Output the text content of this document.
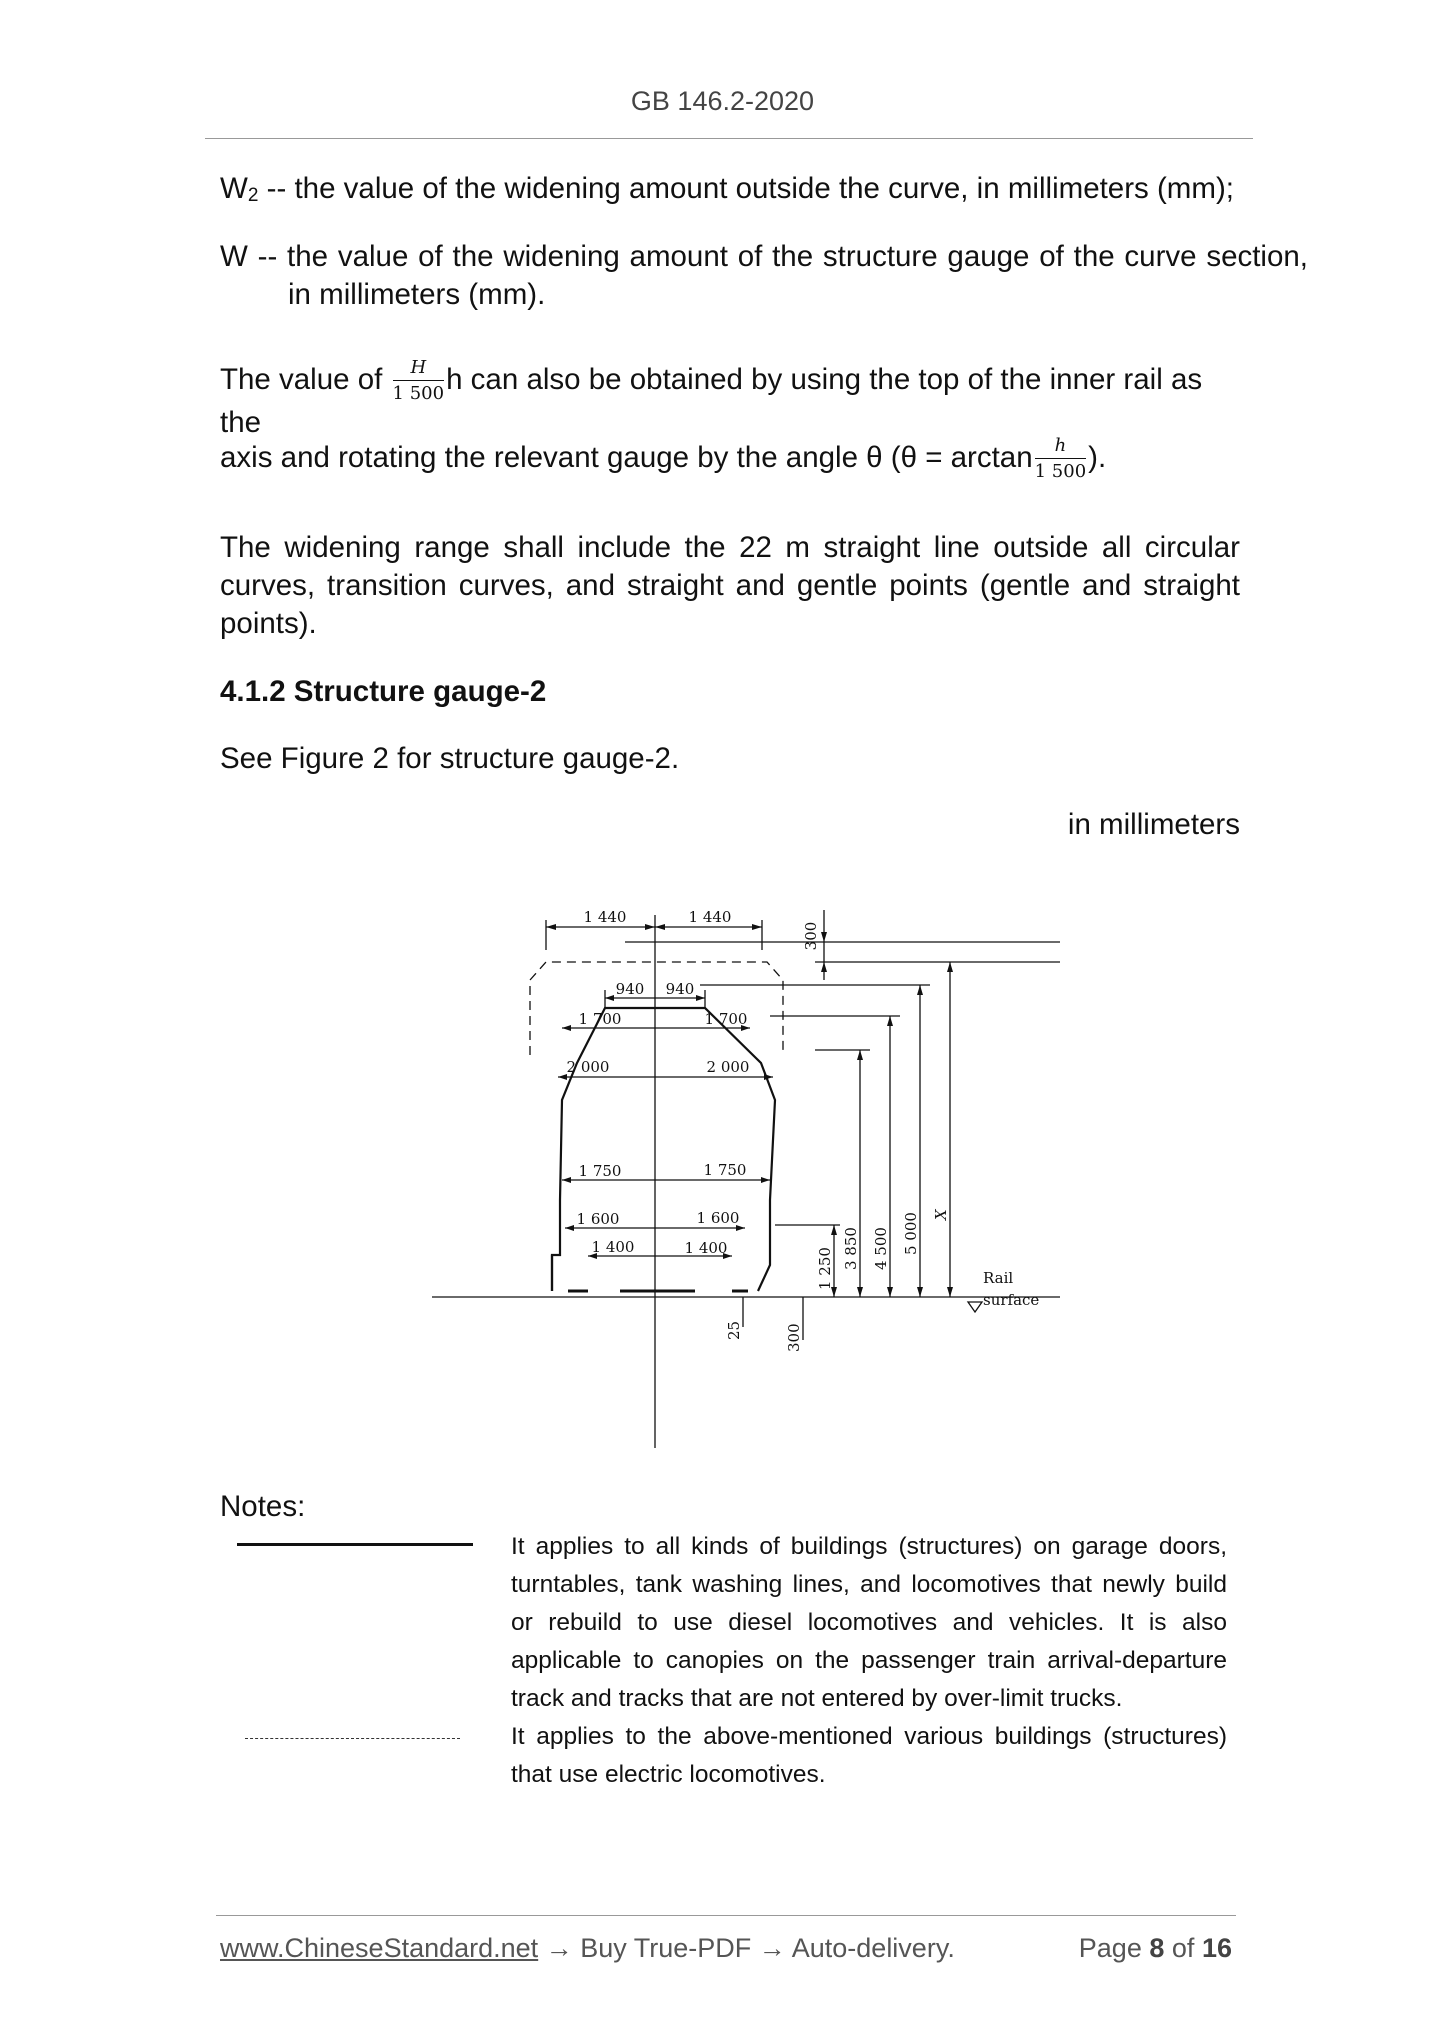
GB 146.2-2020
$W_2$ -- the value of the widening amount outside the curve, in millimeters (mm);
W -- the value of the widening amount of the structure gauge of the curve section, in millimeters (mm).
The value of $\frac{H}{1 500}$ h can also be obtained by using the top of the inner rail as the
axis and rotating the relevant gauge by the angle θ ($\theta = \arctan \frac{h}{1 500}$ ).
The widening range shall include the 22 m straight line outside all circular curves, transition curves, and straight and gentle points (gentle and straight points).
4.1.2 Structure gauge-2
See Figure 2 for structure gauge-2.
in millimeters
1 440	1 440
300
940 940
1 700	1 700
2 000	2 000
1 750	1 750
1 600	1 600
1 400	1 400	3 850 4 500 5 000 X
1 250
25	300
Rail
surface
Notes:
It applies to all kinds of buildings (structures) on garage doors, turntables, tank washing lines, and locomotives that newly build or rebuild to use diesel locomotives and vehicles. It is also applicable to canopies on the passenger train arrival-departure track and tracks that are not entered by over-limit trucks.
It applies to the above-mentioned various buildings (structures) that use electric locomotives.
www.ChineseStandard.net → Buy True-PDF → Auto-delivery.	Page 8 of 16
